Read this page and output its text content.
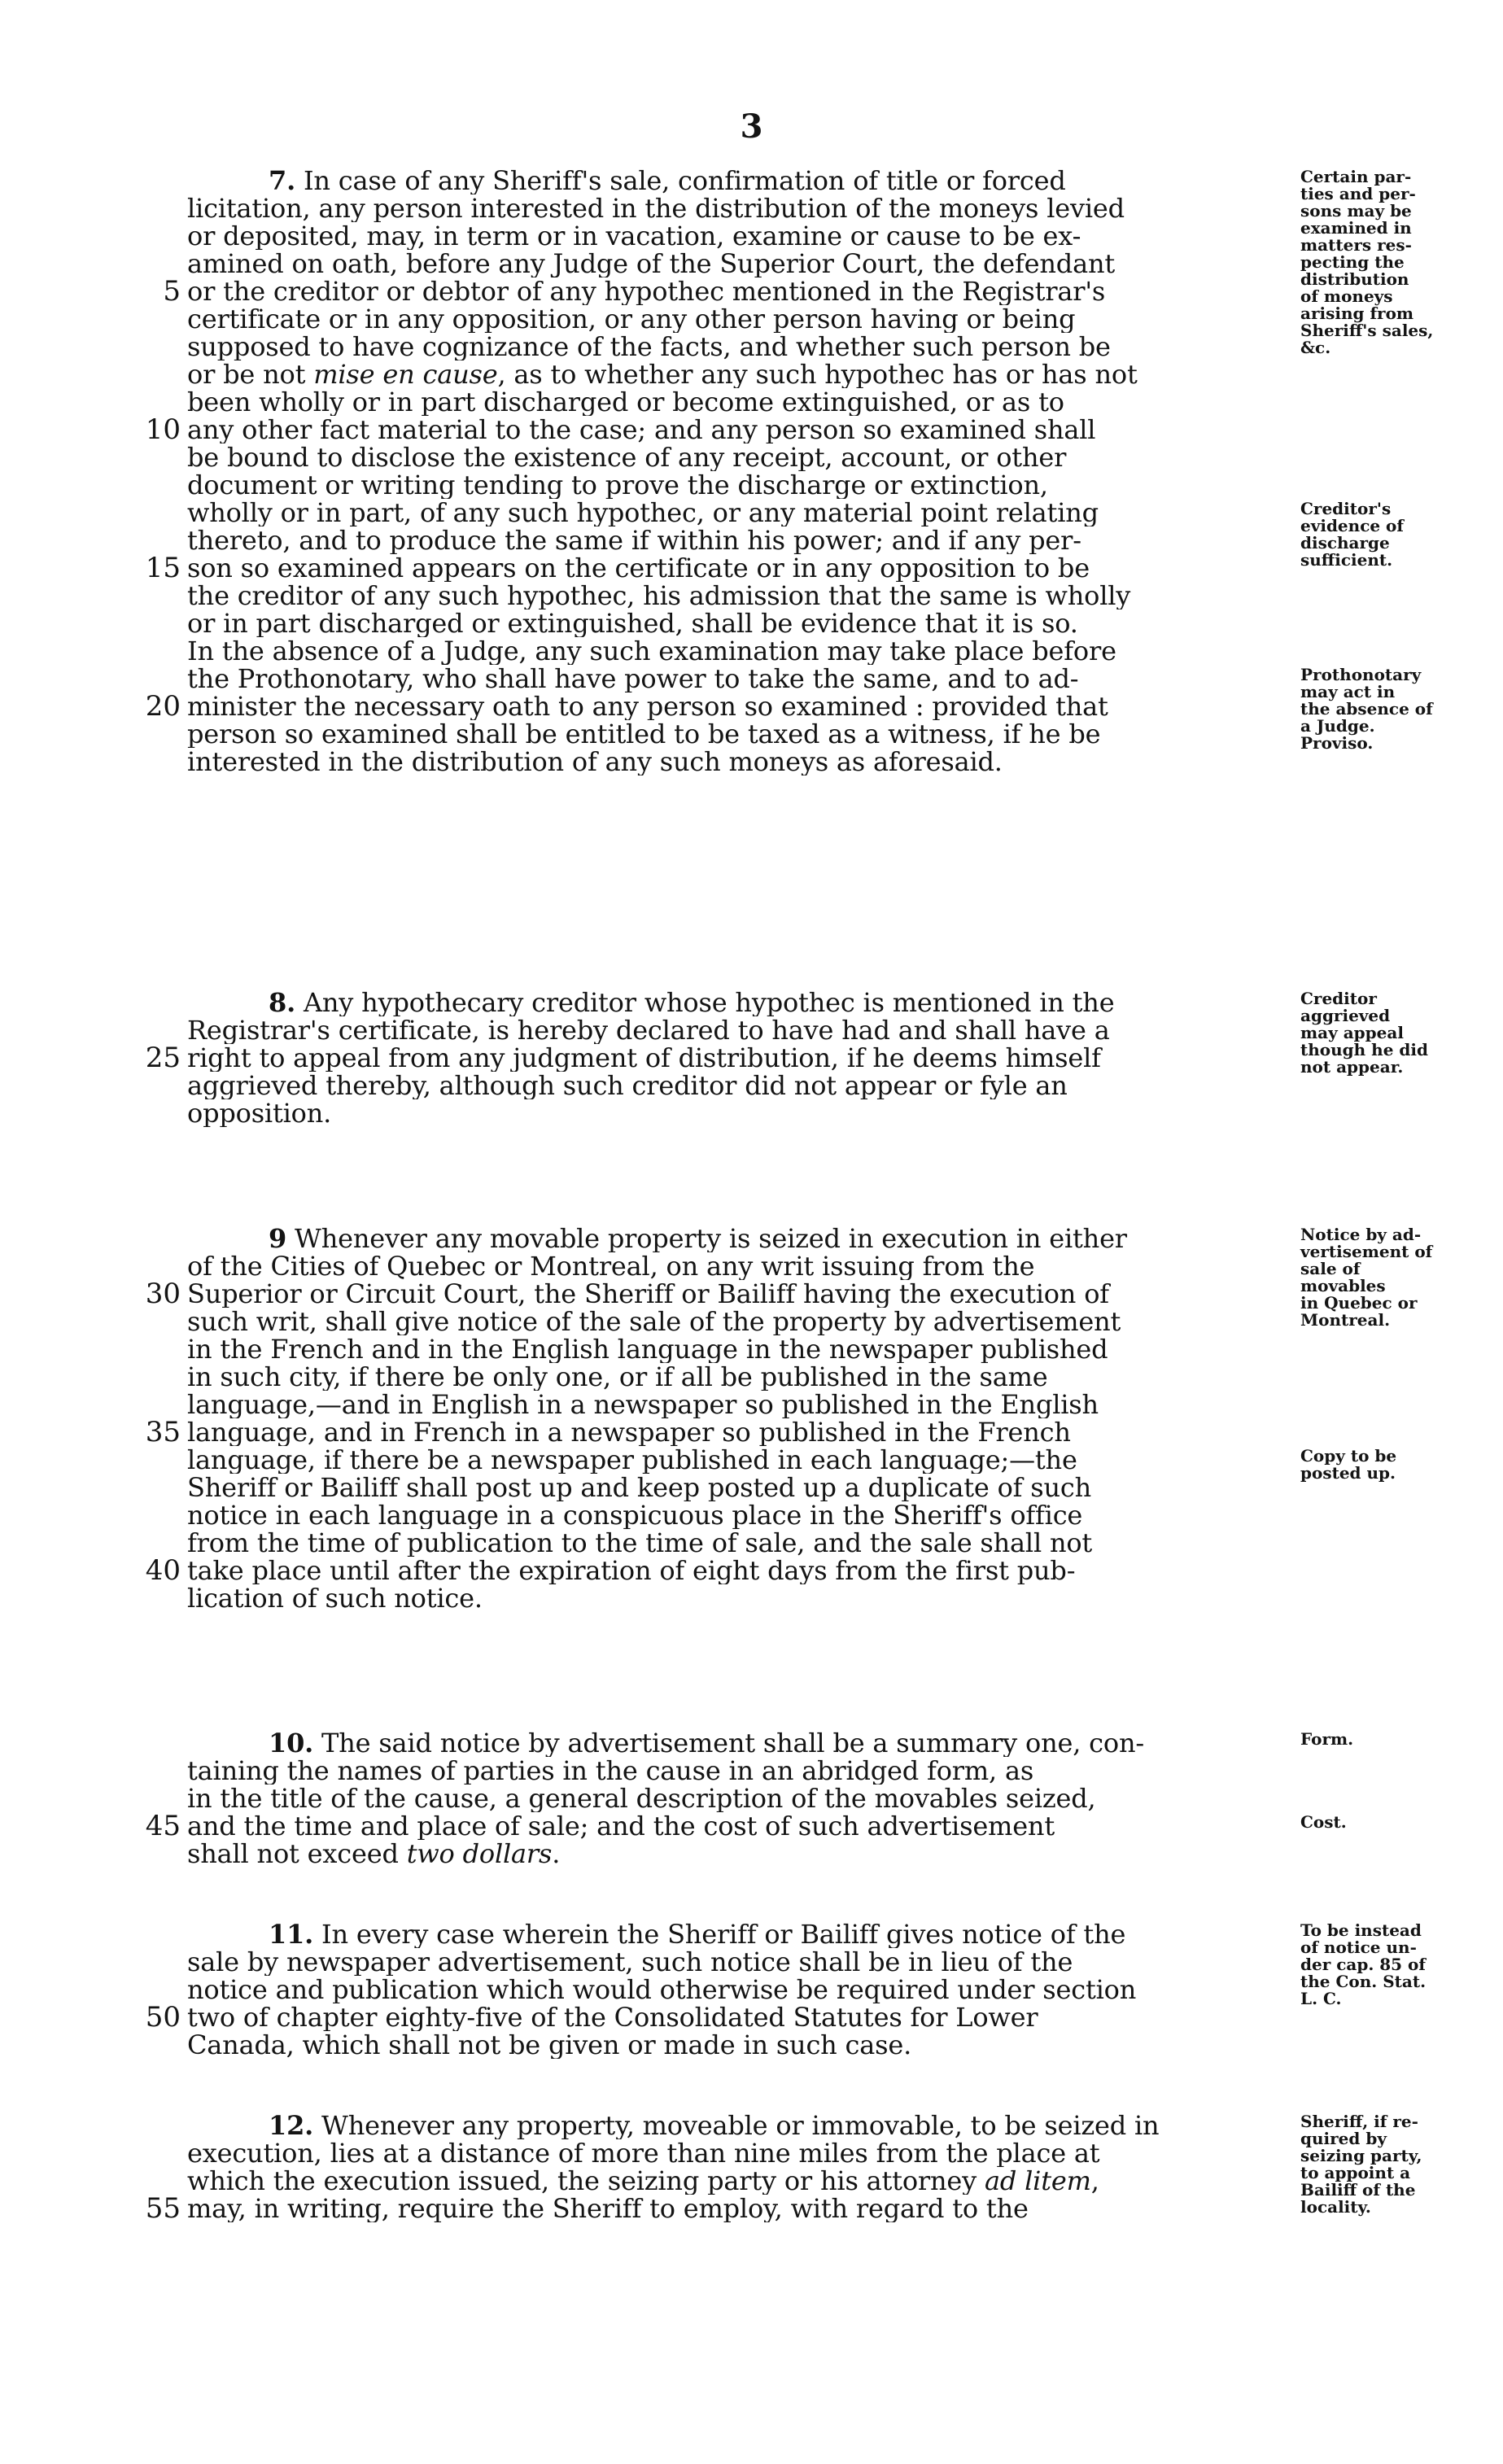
3
7. In case of any Sheriff's sale, confirmation of title or forced
licitation, any person interested in the distribution of the moneys levied
or deposited, may, in term or in vacation, examine or cause to be ex-
amined on oath, before any Judge of the Superior Court, the defendant
5 or the creditor or debtor of any hypothec mentioned in the Registrar's
certificate or in any opposition, or any other person having or being
supposed to have cognizance of the facts, and whether such person be
or be not mise en cause, as to whether any such hypothec has or has not
been wholly or in part discharged or become extinguished, or as to
10 any other fact material to the case; and any person so examined shall
be bound to disclose the existence of any receipt, account, or other
document or writing tending to prove the discharge or extinction,
wholly or in part, of any such hypothec, or any material point relating
thereto, and to produce the same if within his power; and if any per-
15 son so examined appears on the certificate or in any opposition to be
the creditor of any such hypothec, his admission that the same is wholly
or in part discharged or extinguished, shall be evidence that it is so.
In the absence of a Judge, any such examination may take place before
the Prothonotary, who shall have power to take the same, and to ad-
20 minister the necessary oath to any person so examined : provided that
person so examined shall be entitled to be taxed as a witness, if he be
interested in the distribution of any such moneys as aforesaid.
Certain par-
ties and per-
sons may be
examined in
matters res-
pecting the
distribution
of moneys
arising from
Sheriff's sales,
&c.
Creditor's
evidence of
discharge
sufficient.
Prothonotary
may act in
the absence of
a Judge.
Proviso.
8. Any hypothecary creditor whose hypothec is mentioned in the
Registrar's certificate, is hereby declared to have had and shall have a
25 right to appeal from any judgment of distribution, if he deems himself
aggrieved thereby, although such creditor did not appear or fyle an
opposition.
Creditor
aggrieved
may appeal
though he did
not appear.
9 Whenever any movable property is seized in execution in either
of the Cities of Quebec or Montreal, on any writ issuing from the
30 Superior or Circuit Court, the Sheriff or Bailiff having the execution of
such writ, shall give notice of the sale of the property by advertisement
in the French and in the English language in the newspaper published
in such city, if there be only one, or if all be published in the same
language,—and in English in a newspaper so published in the English
35 language, and in French in a newspaper so published in the French
language, if there be a newspaper published in each language;—the
Sheriff or Bailiff shall post up and keep posted up a duplicate of such
notice in each language in a conspicuous place in the Sheriff's office
from the time of publication to the time of sale, and the sale shall not
40 take place until after the expiration of eight days from the first pub-
lication of such notice.
Notice by ad-
vertisement of
sale of
movables
in Quebec or
Montreal.
Copy to be
posted up.
10. The said notice by advertisement shall be a summary one, con-
taining the names of parties in the cause in an abridged form, as
in the title of the cause, a general description of the movables seized,
45 and the time and place of sale; and the cost of such advertisement
shall not exceed two dollars.
Form.
Cost.
11. In every case wherein the Sheriff or Bailiff gives notice of the
sale by newspaper advertisement, such notice shall be in lieu of the
notice and publication which would otherwise be required under section
50 two of chapter eighty-five of the Consolidated Statutes for Lower
Canada, which shall not be given or made in such case.
To be instead
of notice un-
der cap. 85 of
the Con. Stat.
L. C.
12. Whenever any property, moveable or immovable, to be seized in
execution, lies at a distance of more than nine miles from the place at
which the execution issued, the seizing party or his attorney ad litem,
55 may, in writing, require the Sheriff to employ, with regard to the
Sheriff, if re-
quired by
seizing party,
to appoint a
Bailiff of the
locality.
